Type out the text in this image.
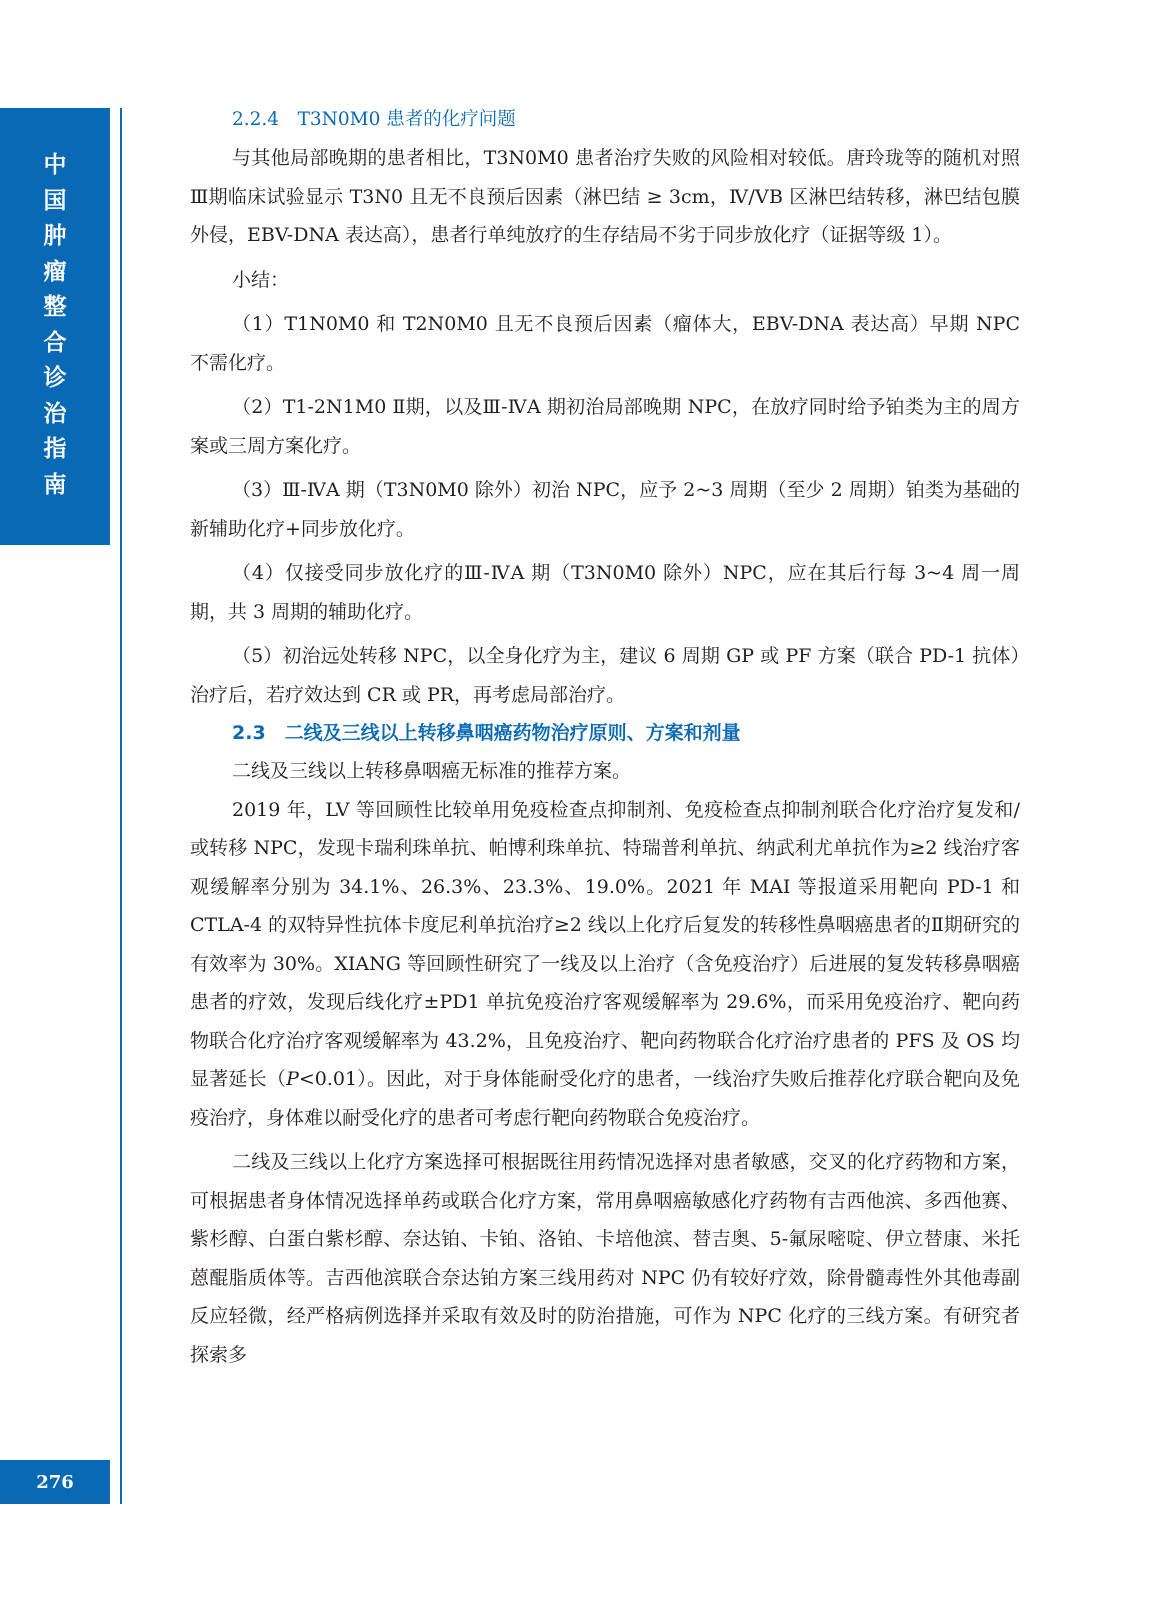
中
国
肿
瘤
整
合
诊
治
指
南
276
2.2.4　T3N0M0 患者的化疗问题

与其他局部晚期的患者相比，T3N0M0 患者治疗失败的风险相对较低。唐玲珑等的随机对照Ⅲ期临床试验显示 T3N0 且无不良预后因素（淋巴结 ≥ 3cm，Ⅳ/ⅤB 区淋巴结转移，淋巴结包膜外侵，EBV-DNA 表达高），患者行单纯放疗的生存结局不劣于同步放化疗（证据等级 1）。

小结：

（1）T1N0M0 和 T2N0M0 且无不良预后因素（瘤体大，EBV-DNA 表达高）早期 NPC 不需化疗。

（2）T1-2N1M0 Ⅱ期，以及Ⅲ-ⅣA 期初治局部晚期 NPC，在放疗同时给予铂类为主的周方案或三周方案化疗。

（3）Ⅲ-ⅣA 期（T3N0M0 除外）初治 NPC，应予 2~3 周期（至少 2 周期）铂类为基础的新辅助化疗+同步放化疗。

（4）仅接受同步放化疗的Ⅲ-ⅣA 期（T3N0M0 除外）NPC，应在其后行每 3~4 周一周期，共 3 周期的辅助化疗。

（5）初治远处转移 NPC，以全身化疗为主，建议 6 周期 GP 或 PF 方案（联合 PD-1 抗体）治疗后，若疗效达到 CR 或 PR，再考虑局部治疗。

2.3　二线及三线以上转移鼻咽癌药物治疗原则、方案和剂量

二线及三线以上转移鼻咽癌无标准的推荐方案。

2019 年，LV 等回顾性比较单用免疫检查点抑制剂、免疫检查点抑制剂联合化疗治疗复发和/或转移 NPC，发现卡瑞利珠单抗、帕博利珠单抗、特瑞普利单抗、纳武利尤单抗作为≥2 线治疗客观缓解率分别为 34.1%、26.3%、23.3%、19.0%。2021 年 MAI 等报道采用靶向 PD-1 和 CTLA-4 的双特异性抗体卡度尼利单抗治疗≥2 线以上化疗后复发的转移性鼻咽癌患者的Ⅱ期研究的有效率为 30%。XIANG 等回顾性研究了一线及以上治疗（含免疫治疗）后进展的复发转移鼻咽癌患者的疗效，发现后线化疗±PD1 单抗免疫治疗客观缓解率为 29.6%，而采用免疫治疗、靶向药物联合化疗治疗客观缓解率为 43.2%，且免疫治疗、靶向药物联合化疗治疗患者的 PFS 及 OS 均显著延长（P<0.01）。因此，对于身体能耐受化疗的患者，一线治疗失败后推荐化疗联合靶向及免疫治疗，身体难以耐受化疗的患者可考虑行靶向药物联合免疫治疗。

二线及三线以上化疗方案选择可根据既往用药情况选择对患者敏感，交叉的化疗药物和方案，可根据患者身体情况选择单药或联合化疗方案，常用鼻咽癌敏感化疗药物有吉西他滨、多西他赛、紫杉醇、白蛋白紫杉醇、奈达铂、卡铂、洛铂、卡培他滨、替吉奥、5-氟尿嘧啶、伊立替康、米托蒽醌脂质体等。吉西他滨联合奈达铂方案三线用药对 NPC 仍有较好疗效，除骨髓毒性外其他毒副反应轻微，经严格病例选择并采取有效及时的防治措施，可作为 NPC 化疗的三线方案。有研究者探索多
